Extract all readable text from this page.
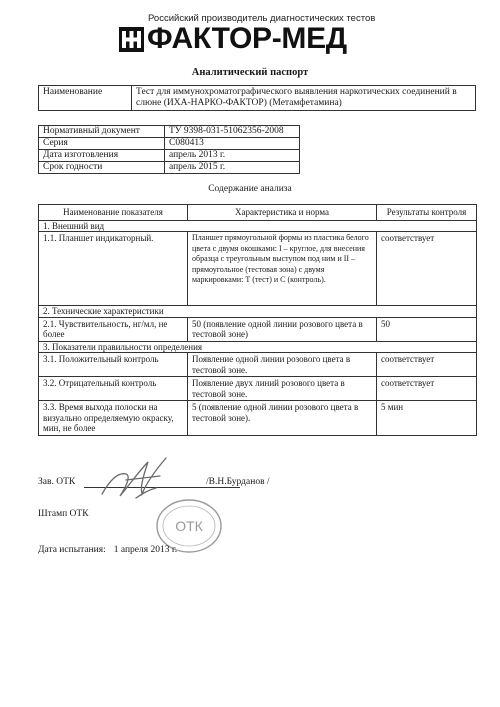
Российский производитель диагностических тестов
ФАКТОР-МЕД
Аналитический паспорт
Наименование	Тест для иммунохроматографического выявления наркотических соединений в слюне (ИХА-НАРКО-ФАКТОР) (Метамфетамина)
Нормативный документ	ТУ 9398-031-51062356-2008
Серия	С080413
Дата изготовления	апрель 2013 г.
Срок годности	апрель 2015 г.
Содержание анализа
Наименование показателя	Характеристика и норма	Результаты контроля
1. Внешний вид		
1.1. Планшет индикаторный.	Планшет прямоугольной формы из пластика белого цвета с двумя окошками: I – круглое, для внесения образца с треугольным выступом под ним и II – прямоугольное (тестовая зона) с двумя маркировками: Т (тест) и С (контроль).	соответствует
2. Технические характеристики		
2.1. Чувствительность, нг/мл, не более	50 (появление одной линии розового цвета в тестовой зоне)	50
3. Показатели правильности определения		
3.1. Положительный контроль	Появление одной линии розового цвета в тестовой зоне.	соответствует
3.2. Отрицательный контроль	Появление двух линий розового цвета в тестовой зоне.	соответствует
3.3. Время выхода полоски на визуально определяемую окраску, мин, не более	5 (появление одной линии розового цвета в тестовой зоне).	5 мин
Зав. ОТК	/В.Н.Бурданов /
Штамп ОТК
ОТК
Дата испытания: 1 апреля 2013 г.
